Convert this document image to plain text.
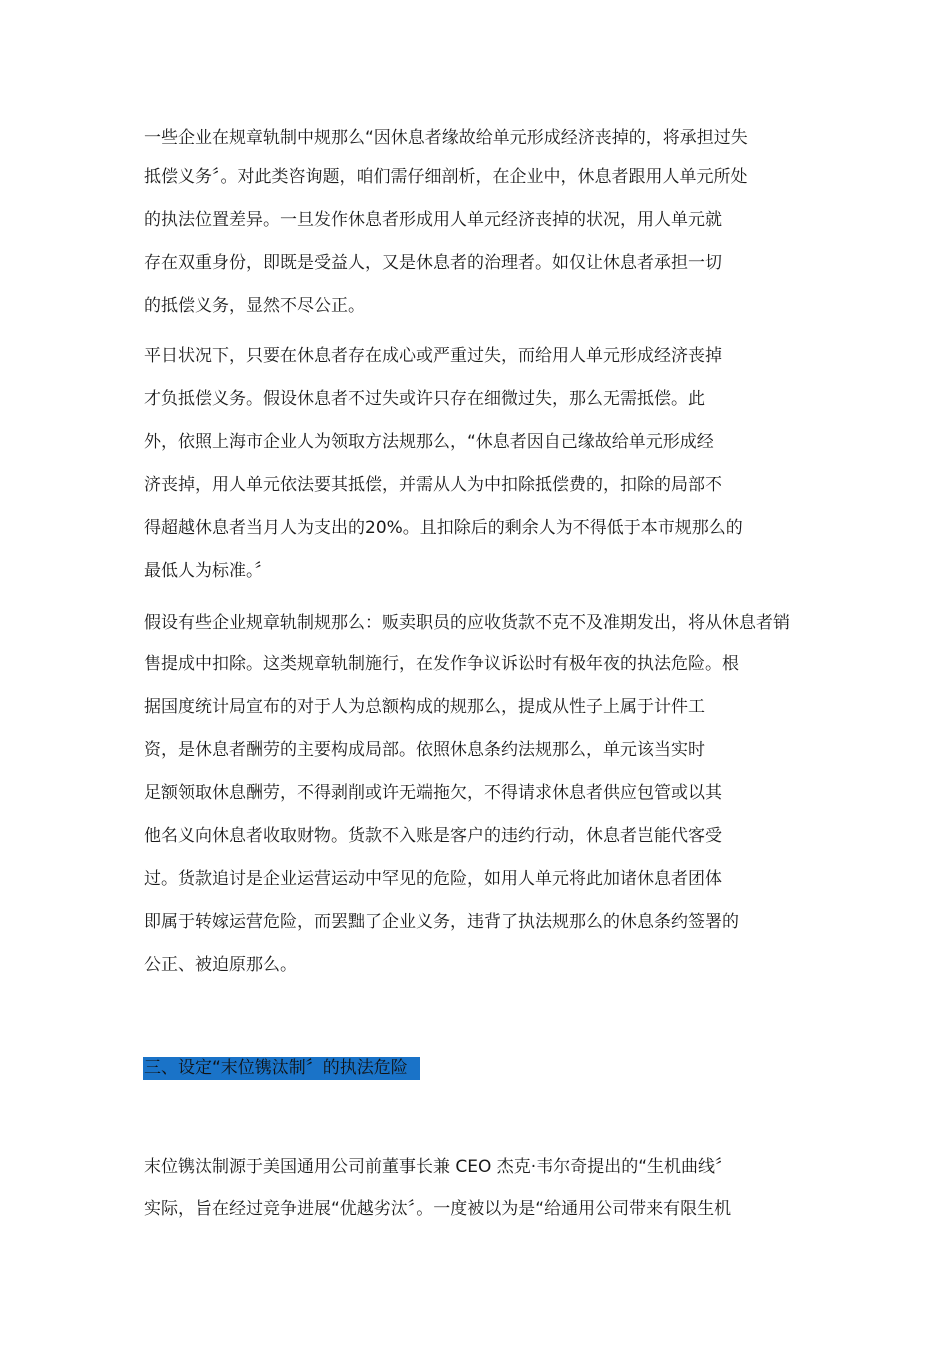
一些企业在规章轨制中规那么“因休息者缘故给单元形成经济丧掉的，将承担过失
抵偿义务〞。对此类咨询题，咱们需仔细剖析，在企业中，休息者跟用人单元所处
的执法位置差异。一旦发作休息者形成用人单元经济丧掉的状况，用人单元就
存在双重身份，即既是受益人，又是休息者的治理者。如仅让休息者承担一切
的抵偿义务，显然不尽公正。
平日状况下，只要在休息者存在成心或严重过失，而给用人单元形成经济丧掉
才负抵偿义务。假设休息者不过失或许只存在细微过失，那么无需抵偿。此
外，依照上海市企业人为领取方法规那么，“休息者因自己缘故给单元形成经
济丧掉，用人单元依法要其抵偿，并需从人为中扣除抵偿费的，扣除的局部不
得超越休息者当月人为支出的20%。且扣除后的剩余人为不得低于本市规那么的
最低人为标准。〞
假设有些企业规章轨制规那么：贩卖职员的应收货款不克不及准期发出，将从休息者销
售提成中扣除。这类规章轨制施行，在发作争议诉讼时有极年夜的执法危险。根
据国度统计局宣布的对于人为总额构成的规那么，提成从性子上属于计件工
资，是休息者酬劳的主要构成局部。依照休息条约法规那么，单元该当实时
足额领取休息酬劳，不得剥削或许无端拖欠，不得请求休息者供应包管或以其
他名义向休息者收取财物。货款不入账是客户的违约行动，休息者岂能代客受
过。货款追讨是企业运营运动中罕见的危险，如用人单元将此加诸休息者团体
即属于转嫁运营危险，而罢黜了企业义务，违背了执法规那么的休息条约签署的
公正、被迫原那么。
三、设定“末位镌汰制〞的执法危险
末位镌汰制源于美国通用公司前董事长兼 CEO 杰克·韦尔奇提出的“生机曲线〞
实际，旨在经过竞争进展“优越劣汰〞。一度被以为是“给通用公司带来有限生机
